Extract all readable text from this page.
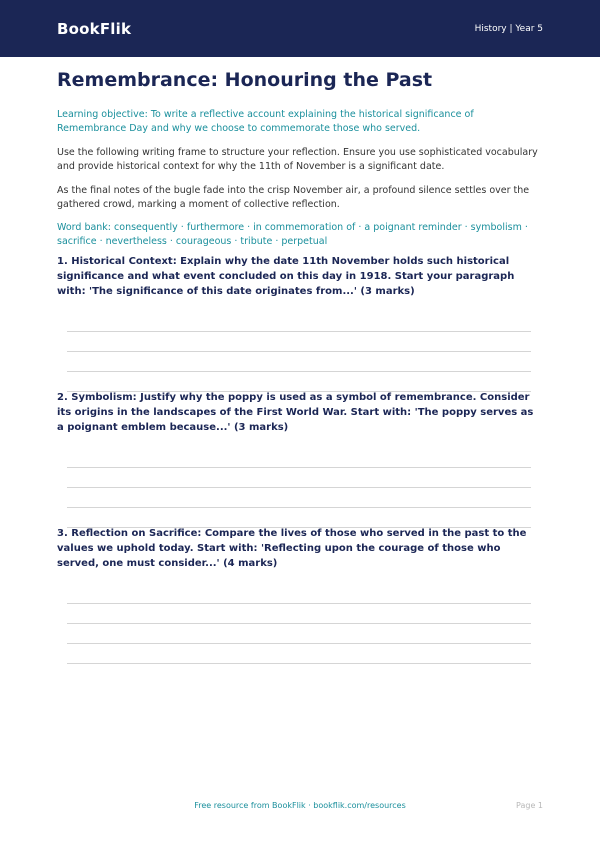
BookFlik	History | Year 5
Remembrance: Honouring the Past

Learning objective: To write a reflective account explaining the historical significance of Remembrance Day and why we choose to commemorate those who served.

Use the following writing frame to structure your reflection. Ensure you use sophisticated vocabulary and provide historical context for why the 11th of November is a significant date.

As the final notes of the bugle fade into the crisp November air, a profound silence settles over the gathered crowd, marking a moment of collective reflection.

Word bank: consequently · furthermore · in commemoration of · a poignant reminder · symbolism · sacrifice · nevertheless · courageous · tribute · perpetual

1. Historical Context: Explain why the date 11th November holds such historical significance and what event concluded on this day in 1918. Start your paragraph with: 'The significance of this date originates from...' (3 marks)

2. Symbolism: Justify why the poppy is used as a symbol of remembrance. Consider its origins in the landscapes of the First World War. Start with: 'The poppy serves as a poignant emblem because...' (3 marks)

3. Reflection on Sacrifice: Compare the lives of those who served in the past to the values we uphold today. Start with: 'Reflecting upon the courage of those who served, one must consider...' (4 marks)

Free resource from BookFlik · bookflik.com/resources	Page 1
